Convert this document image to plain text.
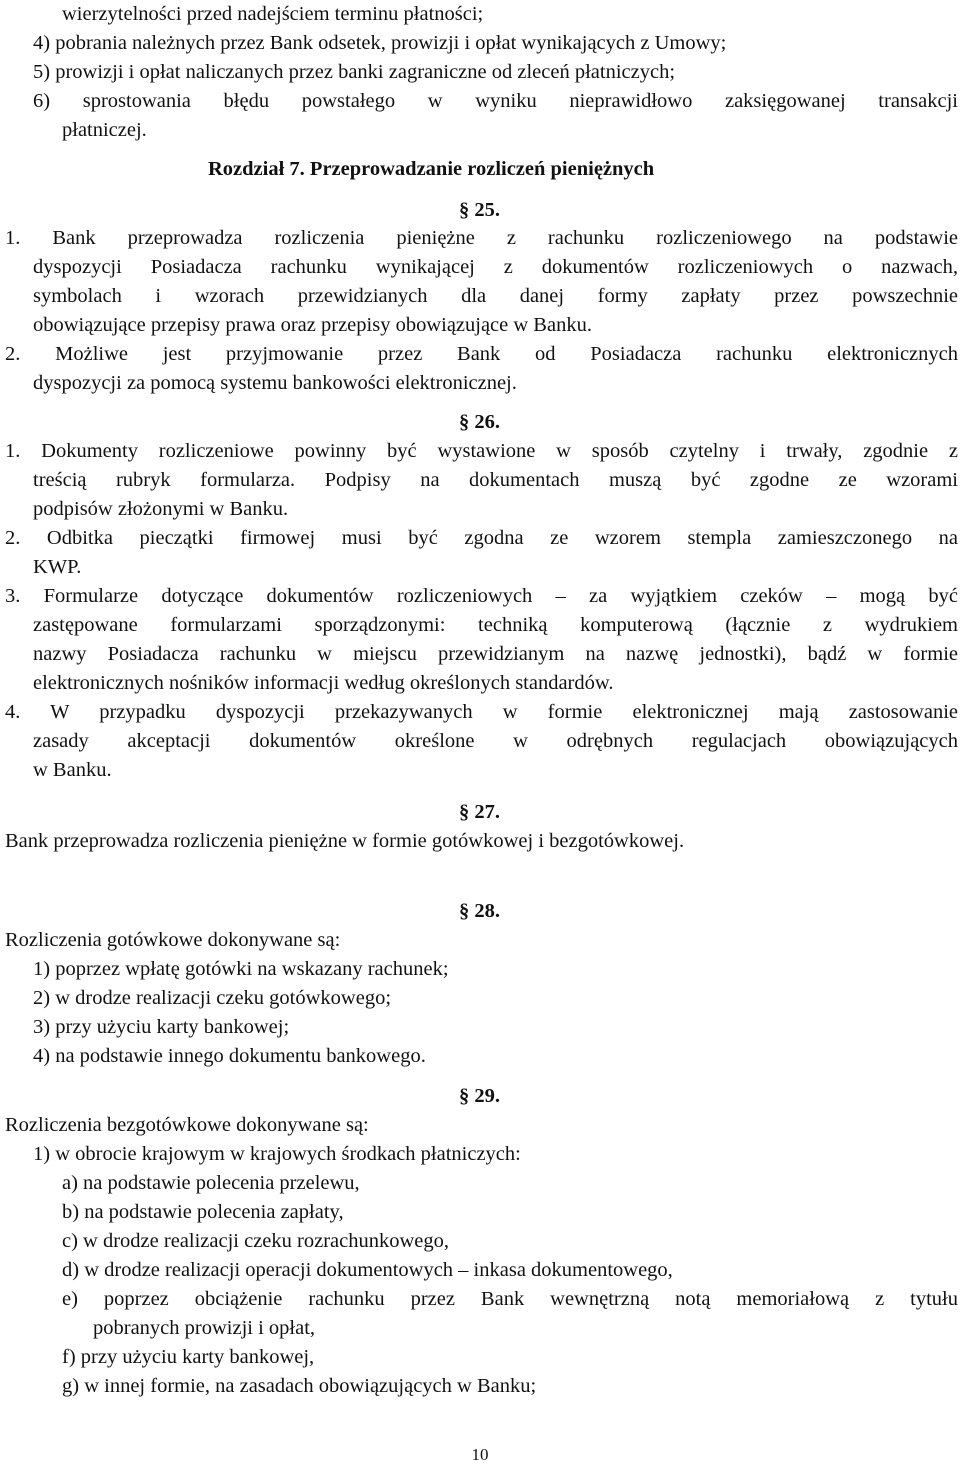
wierzytelności przed nadejściem terminu płatności;
4) pobrania należnych przez Bank odsetek, prowizji i opłat wynikających z Umowy;
5) prowizji i opłat naliczanych przez banki zagraniczne od zleceń płatniczych;
6) sprostowania błędu powstałego w wyniku nieprawidłowo zaksięgowanej transakcji
płatniczej.
Rozdział 7. Przeprowadzanie rozliczeń pieniężnych
§ 25.
1. Bank przeprowadza rozliczenia pieniężne z rachunku rozliczeniowego na podstawie
dyspozycji Posiadacza rachunku wynikającej z dokumentów rozliczeniowych o nazwach,
symbolach i wzorach przewidzianych dla danej formy zapłaty przez powszechnie
obowiązujące przepisy prawa oraz przepisy obowiązujące w Banku.
2. Możliwe jest przyjmowanie przez Bank od Posiadacza rachunku elektronicznych
dyspozycji za pomocą systemu bankowości elektronicznej.
§ 26.
1. Dokumenty rozliczeniowe powinny być wystawione w sposób czytelny i trwały, zgodnie z
treścią rubryk formularza. Podpisy na dokumentach muszą być zgodne ze wzorami
podpisów złożonymi w Banku.
2. Odbitka pieczątki firmowej musi być zgodna ze wzorem stempla zamieszczonego na
KWP.
3. Formularze dotyczące dokumentów rozliczeniowych – za wyjątkiem czeków – mogą być
zastępowane formularzami sporządzonymi: techniką komputerową (łącznie z wydrukiem
nazwy Posiadacza rachunku w miejscu przewidzianym na nazwę jednostki), bądź w formie
elektronicznych nośników informacji według określonych standardów.
4. W przypadku dyspozycji przekazywanych w formie elektronicznej mają zastosowanie
zasady akceptacji dokumentów określone w odrębnych regulacjach obowiązujących
w Banku.
§ 27.
Bank przeprowadza rozliczenia pieniężne w formie gotówkowej i bezgotówkowej.
§ 28.
Rozliczenia gotówkowe dokonywane są:
1) poprzez wpłatę gotówki na wskazany rachunek;
2) w drodze realizacji czeku gotówkowego;
3) przy użyciu karty bankowej;
4) na podstawie innego dokumentu bankowego.
§ 29.
Rozliczenia bezgotówkowe dokonywane są:
1) w obrocie krajowym w krajowych środkach płatniczych:
a) na podstawie polecenia przelewu,
b) na podstawie polecenia zapłaty,
c) w drodze realizacji czeku rozrachunkowego,
d) w drodze realizacji operacji dokumentowych – inkasa dokumentowego,
e) poprzez obciążenie rachunku przez Bank wewnętrzną notą memoriałową z tytułu
pobranych prowizji i opłat,
f) przy użyciu karty bankowej,
g) w innej formie, na zasadach obowiązujących w Banku;
10
